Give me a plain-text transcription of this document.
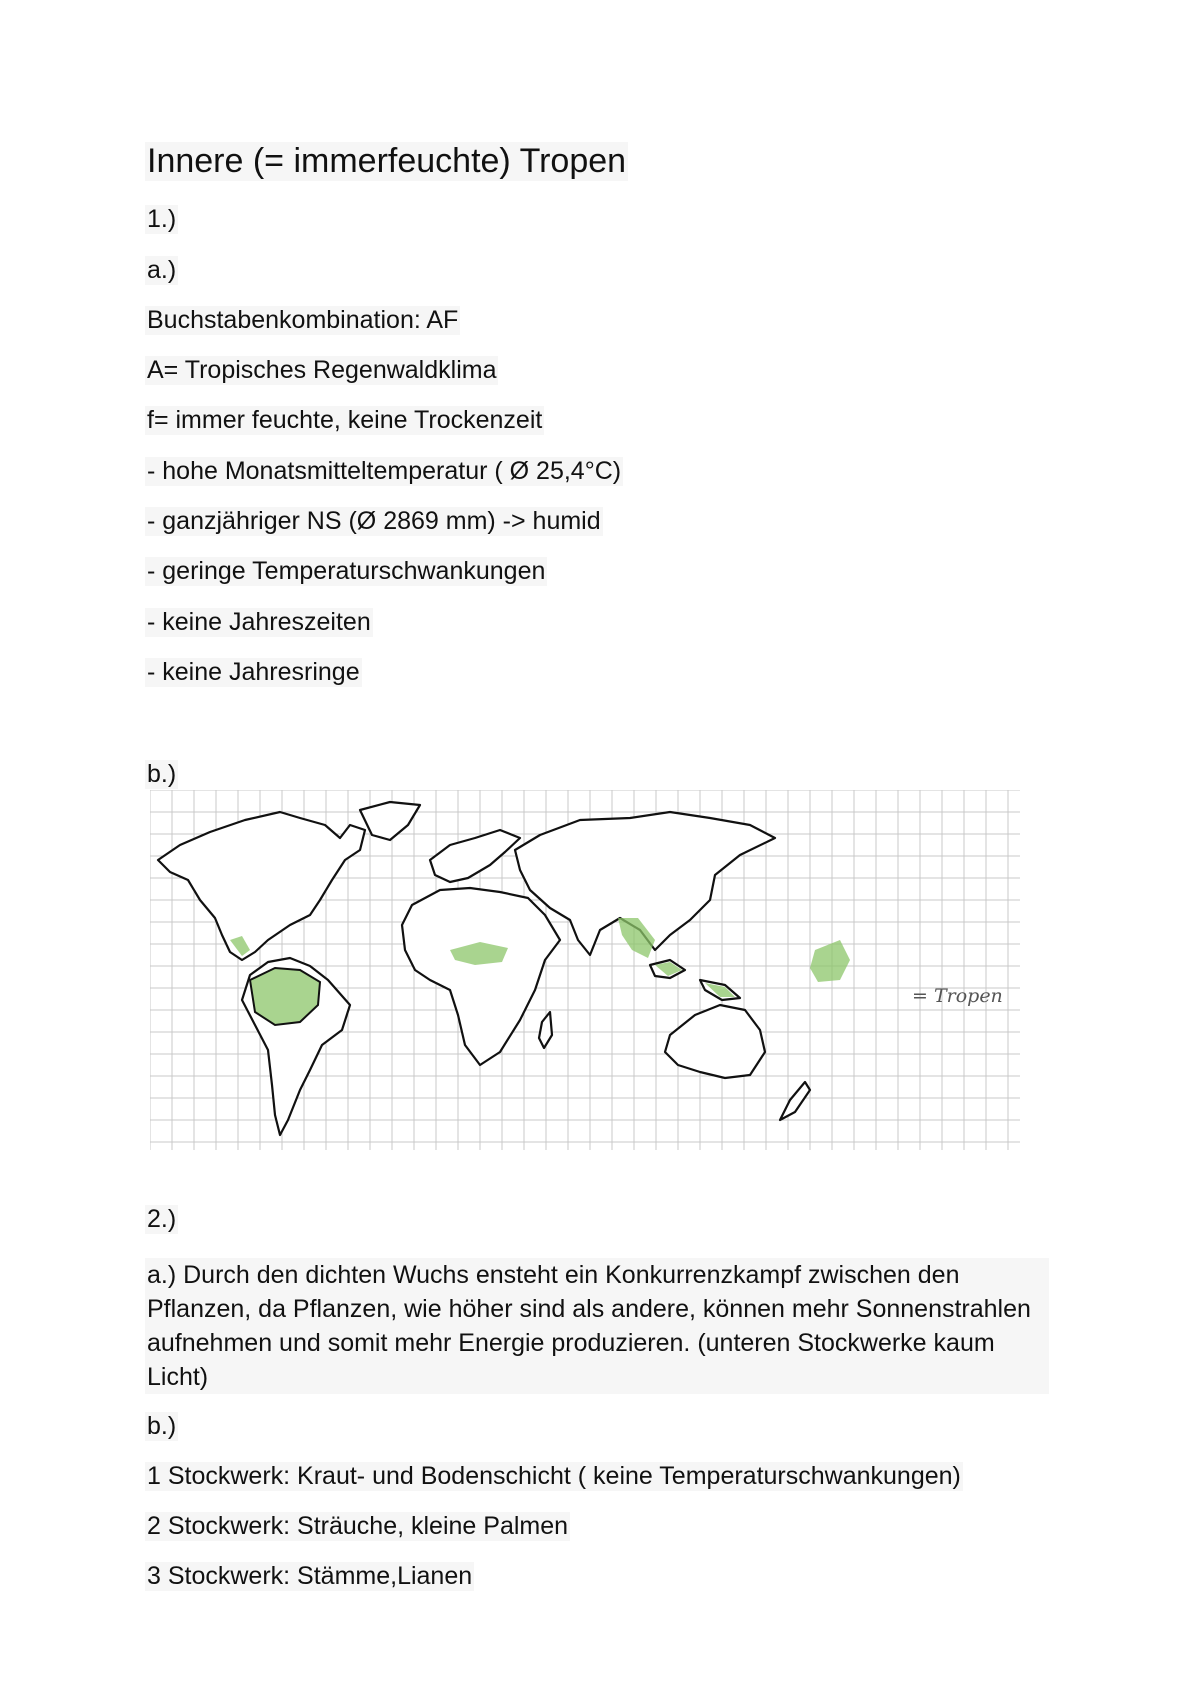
Innere (= immerfeuchte) Tropen
1.)
a.)
Buchstabenkombination: AF
A= Tropisches Regenwaldklima
f= immer feuchte, keine Trockenzeit
- hohe Monatsmitteltemperatur ( Ø 25,4°C)
- ganzjähriger NS (Ø 2869 mm) -> humid
- geringe Temperaturschwankungen
- keine Jahreszeiten
- keine Jahresringe
b.)
= Tropen
2.)
a.) Durch den dichten Wuchs ensteht ein Konkurrenzkampf zwischen den Pflanzen, da Pflanzen, wie höher sind als andere, können mehr Sonnenstrahlen aufnehmen und somit mehr Energie produzieren. (unteren Stockwerke kaum Licht)
b.)
1 Stockwerk: Kraut- und Bodenschicht ( keine Temperaturschwankungen)
2 Stockwerk: Sträuche, kleine Palmen
3 Stockwerk: Stämme,Lianen
